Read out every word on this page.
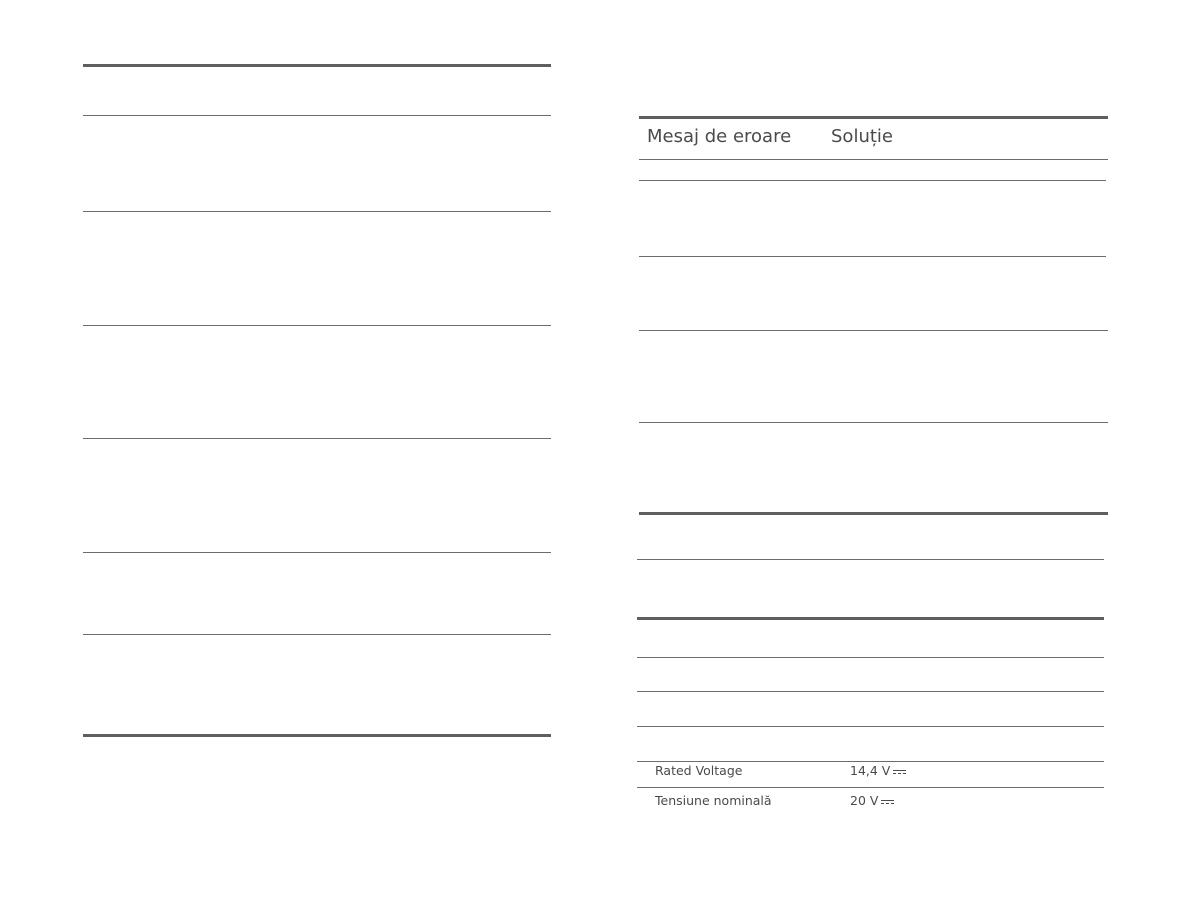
Mesaj de eroare Soluție
Rated Voltage	14,4 V
Tensiune nominală	20 V
